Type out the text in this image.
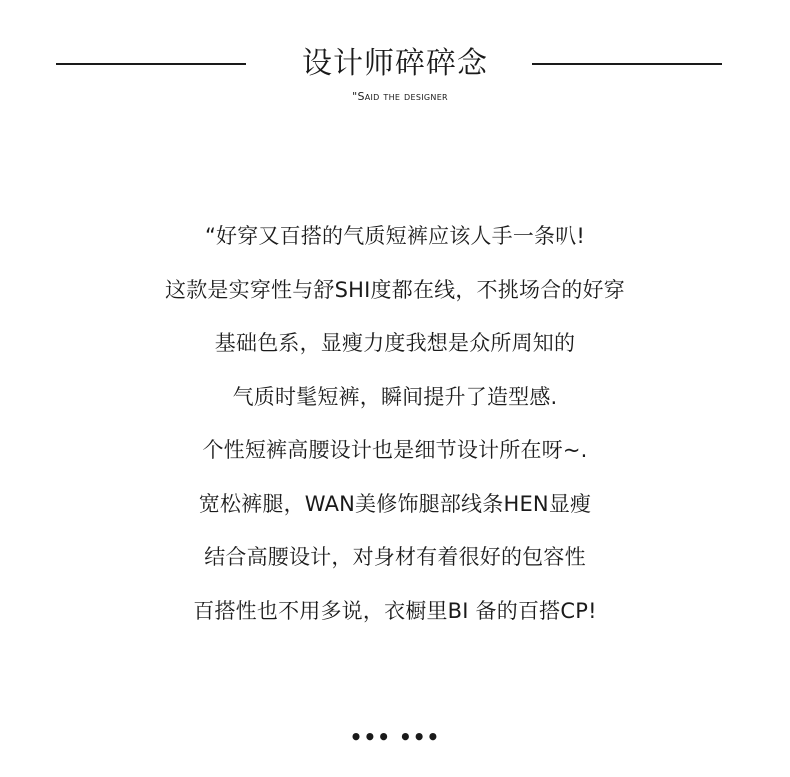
设计师碎碎念
"Said the designer
“好穿又百搭的气质短裤应该人手一条叭!
这款是实穿性与舒SHI度都在线，不挑场合的好穿
基础色系，显瘦力度我想是众所周知的
气质时髦短裤，瞬间提升了造型感.
个性短裤高腰设计也是细节设计所在呀~.
宽松裤腿，WAN美修饰腿部线条HEN显瘦
结合高腰设计，对身材有着很好的包容性
百搭性也不用多说，衣橱里BI 备的百搭CP!
••• •••
